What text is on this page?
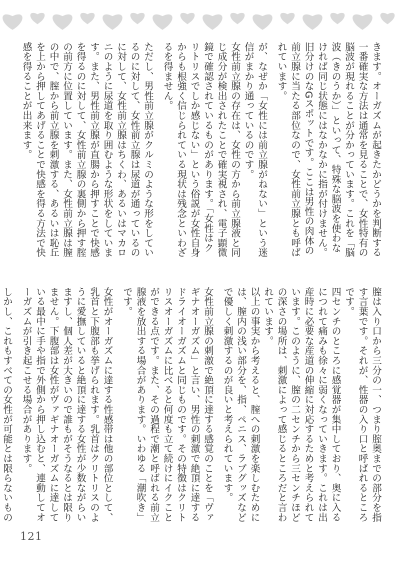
きます。オーガズムが起きたかどうかを判断する一番確実な方法は通常を見ることで、女性特有の脳波が現れることが分かっています。これを「脳波（きのうか）」といって、特殊な脳波を使わなければ同じ状態にはなかなかに指が付けません。

旧分けのなGスポットです。ここは男性の肉体の前立腺に当たる部位なので、女性前立腺とも呼ばれています。

が、なぜか「女性には前立腺がねない」という迷信がまかり通っているのです。

女性前立腺の存在は、女性の方から前立腺液と同じ成分が検出されたことで確実視され、電子顕微鏡で確認されているものがあります。「女性はクリトリスでしか感じない」という俗説が女性自身からも根強く信じられている現状は残念といわざるを得ません。

ただし、男性前立腺がクルミのような形をしているのに対して、女性前立腺は尿道が通っているのに対して、女性前立腺はちくわ、あるいはマカロニのように尿道を取り囲むような形状をしています。また、男性前立腺が直腸から押すことで快感を得るのに対して、女性前立腺の裏側から押す腟の前方に位置しています。また、女性前立腺は膣の中で、膣から前立腺を刺激する、あるいは恥丘を上から押してあげることで快感を得る方法で快感を得ることが出来ます。

膣は入り口から三分の一、つまり腟奥までの部分を指す言葉です。それが、性器の入り口と呼ばれるところです。

四センチのところに感覚器が集中しており、奥に入るにつれて痛みも徐々に弱くなっていきます。これは出産時に必要な産道の伸縮に対応するためと考えられています。このように、膣の二センチから三センチほどの深さの場所は、刺激によって感じるところだと言われています。

以上の事実から考えると、膣への刺激を楽しむためには、膣内の浅い部分を、指、ペニス、ラブグッズなどで優しく刺激するのが良いと考えられています。

女性前立腺の刺激で絶頂に達する感覚のことを「ヴァギナオーガズム」と言い、男性の刺激で絶頂に達するドライオーガズムと同じものです。その特徴はクリトリスオーガズムに比べると何度も立て続けにイクことができる点です。また、その過程で潮と呼ばれる前立腺液を放出する場合があります。いわゆる「潮吹き」です。

女性がオーガズムに達する性感帯は他の部位として、乳首と下腹部も挙げられます。乳首はクリトリスのように愛撫していると絶頂に達する女性が少数ながらいますし、個人差が大きいので誰もがそうなるとは限りません。下腹部は女性がヴァギナオーガズムに達している最中に手や指で外側から押し込むと、連動してオーガズムが引き起こせる場合があります。

しかし、これもすべての女性が可能とは限らないもの

121
